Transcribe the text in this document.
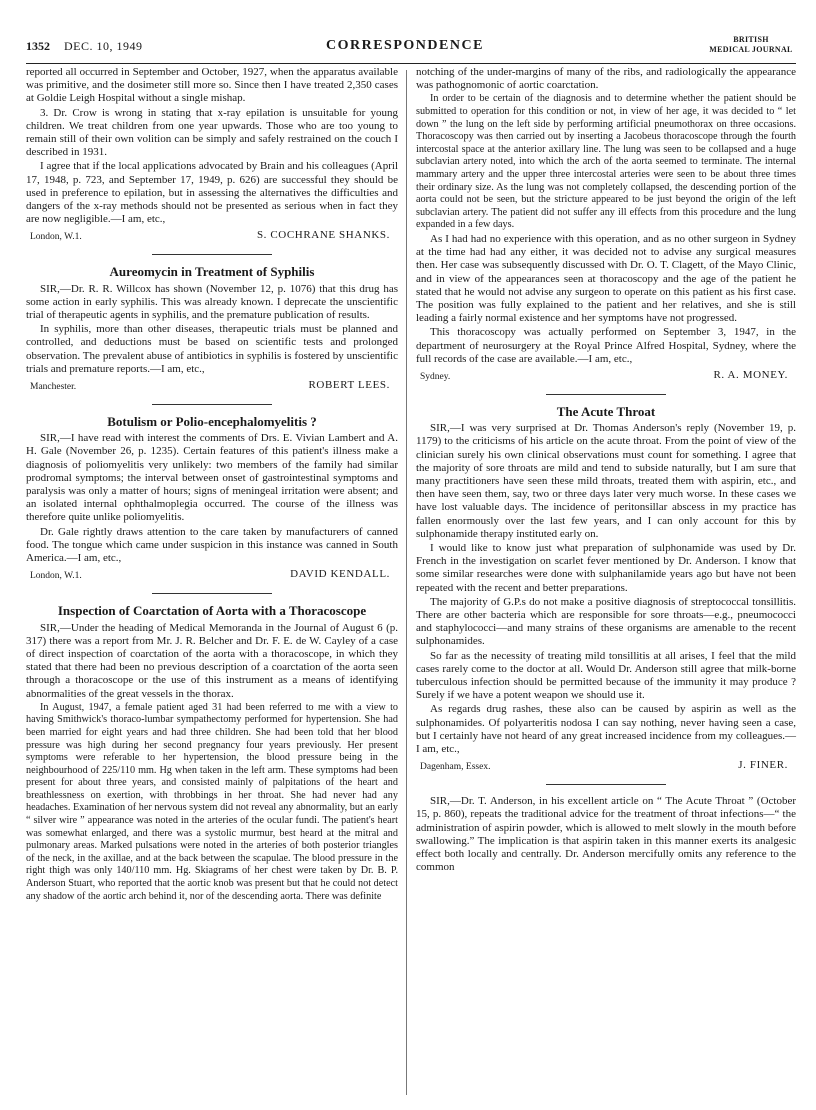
1352 DEC. 10, 1949	CORRESPONDENCE	BRITISH
MEDICAL JOURNAL

reported all occurred in September and October, 1927, when the apparatus available was primitive, and the dosimeter still more so. Since then I have treated 2,350 cases at Goldie Leigh Hospital without a single mishap.

3. Dr. Crow is wrong in stating that x-ray epilation is unsuitable for young children. We treat children from one year upwards. Those who are too young to remain still of their own volition can be simply and safely restrained on the couch I described in 1931.

I agree that if the local applications advocated by Brain and his colleagues (April 17, 1948, p. 723, and September 17, 1949, p. 626) are successful they should be used in preference to epilation, but in assessing the alternatives the difficulties and dangers of the x-ray methods should not be presented as serious when in fact they are now negligible.—I am, etc.,

London, W.1.	S. COCHRANE SHANKS.
Aureomycin in Treatment of Syphilis

SIR,—Dr. R. R. Willcox has shown (November 12, p. 1076) that this drug has some action in early syphilis. This was already known. I deprecate the unscientific trial of therapeutic agents in syphilis, and the premature publication of results.

In syphilis, more than other diseases, therapeutic trials must be planned and controlled, and deductions must be based on scientific tests and prolonged observation. The prevalent abuse of antibiotics in syphilis is fostered by unscientific trials and premature reports.—I am, etc.,

Manchester.	ROBERT LEES.
Botulism or Polio-encephalomyelitis ?

SIR,—I have read with interest the comments of Drs. E. Vivian Lambert and A. H. Gale (November 26, p. 1235). Certain features of this patient's illness make a diagnosis of poliomyelitis very unlikely: two members of the family had similar prodromal symptoms; the interval between onset of gastrointestinal symptoms and paralysis was only a matter of hours; signs of meningeal irritation were absent; and an isolated internal ophthalmoplegia occurred. The course of the illness was therefore quite unlike poliomyelitis.

Dr. Gale rightly draws attention to the care taken by manufacturers of canned food. The tongue which came under suspicion in this instance was canned in South America.—I am, etc.,

London, W.1.	DAVID KENDALL.
Inspection of Coarctation of Aorta with a Thoracoscope

SIR,—Under the heading of Medical Memoranda in the Journal of August 6 (p. 317) there was a report from Mr. J. R. Belcher and Dr. F. E. de W. Cayley of a case of direct inspection of coarctation of the aorta with a thoracoscope, in which they stated that there had been no previous description of a coarctation of the aorta seen through a thoracoscope or the use of this instrument as a means of identifying abnormalities of the great vessels in the thorax.

In August, 1947, a female patient aged 31 had been referred to me with a view to having Smithwick's thoraco-lumbar sympathectomy performed for hypertension. She had been married for eight years and had three children. She had been told that her blood pressure was high during her second pregnancy four years previously. Her present symptoms were referable to her hypertension, the blood pressure being in the neighbourhood of 225/110 mm. Hg when taken in the left arm. These symptoms had been present for about three years, and consisted mainly of palpitations of the heart and breathlessness on exertion, with throbbings in her throat. She had never had any headaches. Examination of her nervous system did not reveal any abnormality, but an early “ silver wire ” appearance was noted in the arteries of the ocular fundi. The patient's heart was somewhat enlarged, and there was a systolic murmur, best heard at the mitral and pulmonary areas. Marked pulsations were noted in the arteries of both posterior triangles of the neck, in the axillae, and at the back between the scapulae. The blood pressure in the right thigh was only 140/110 mm. Hg. Skiagrams of her chest were taken by Dr. B. P. Anderson Stuart, who reported that the aortic knob was present but that he could not detect any shadow of the aortic arch behind it, nor of the descending aorta. There was definite

notching of the under-margins of many of the ribs, and radiologically the appearance was pathognomonic of aortic coarctation.

In order to be certain of the diagnosis and to determine whether the patient should be submitted to operation for this condition or not, in view of her age, it was decided to “ let down ” the lung on the left side by performing artificial pneumothorax on three occasions. Thoracoscopy was then carried out by inserting a Jacobeus thoracoscope through the fourth intercostal space at the anterior axillary line. The lung was seen to be collapsed and a huge subclavian artery noted, into which the arch of the aorta seemed to terminate. The internal mammary artery and the upper three intercostal arteries were seen to be about three times their ordinary size. As the lung was not completely collapsed, the descending portion of the aorta could not be seen, but the stricture appeared to be just beyond the origin of the left subclavian artery. The patient did not suffer any ill effects from this procedure and the lung expanded in a few days.

As I had had no experience with this operation, and as no other surgeon in Sydney at the time had had any either, it was decided not to advise any surgical measures then. Her case was subsequently discussed with Dr. O. T. Clagett, of the Mayo Clinic, and in view of the appearances seen at thoracoscopy and the age of the patient he stated that he would not advise any surgeon to operate on this patient as his first case. The position was fully explained to the patient and her relatives, and she is still leading a fairly normal existence and her symptoms have not progressed.

This thoracoscopy was actually performed on September 3, 1947, in the department of neurosurgery at the Royal Prince Alfred Hospital, Sydney, where the full records of the case are available.—I am, etc.,

Sydney.	R. A. MONEY.
The Acute Throat

SIR,—I was very surprised at Dr. Thomas Anderson's reply (November 19, p. 1179) to the criticisms of his article on the acute throat. From the point of view of the clinician surely his own clinical observations must count for something. I agree that the majority of sore throats are mild and tend to subside naturally, but I am sure that many practitioners have seen these mild throats, treated them with aspirin, etc., and then have seen them, say, two or three days later very much worse. In these cases we have lost valuable days. The incidence of peritonsillar abscess in my practice has fallen enormously over the last few years, and I can only account for this by sulphonamide therapy instituted early on.

I would like to know just what preparation of sulphonamide was used by Dr. French in the investigation on scarlet fever mentioned by Dr. Anderson. I know that some similar researches were done with sulphanilamide years ago but have not been repeated with the recent and better preparations.

The majority of G.P.s do not make a positive diagnosis of streptococcal tonsillitis. There are other bacteria which are responsible for sore throats—e.g., pneumococci and staphylococci—and many strains of these organisms are amenable to the recent sulphonamides.

So far as the necessity of treating mild tonsillitis at all arises, I feel that the mild cases rarely come to the doctor at all. Would Dr. Anderson still agree that milk-borne tuberculous infection should be permitted because of the immunity it may produce ? Surely if we have a potent weapon we should use it.

As regards drug rashes, these also can be caused by aspirin as well as the sulphonamides. Of polyarteritis nodosa I can say nothing, never having seen a case, but I certainly have not heard of any great increased incidence from my colleagues.—I am, etc.,

Dagenham, Essex.	J. FINER.

SIR,—Dr. T. Anderson, in his excellent article on “ The Acute Throat ” (October 15, p. 860), repeats the traditional advice for the treatment of throat infections—“ the administration of aspirin powder, which is allowed to melt slowly in the mouth before swallowing.” The implication is that aspirin taken in this manner exerts its analgesic effect both locally and centrally. Dr. Anderson mercifully omits any reference to the common
